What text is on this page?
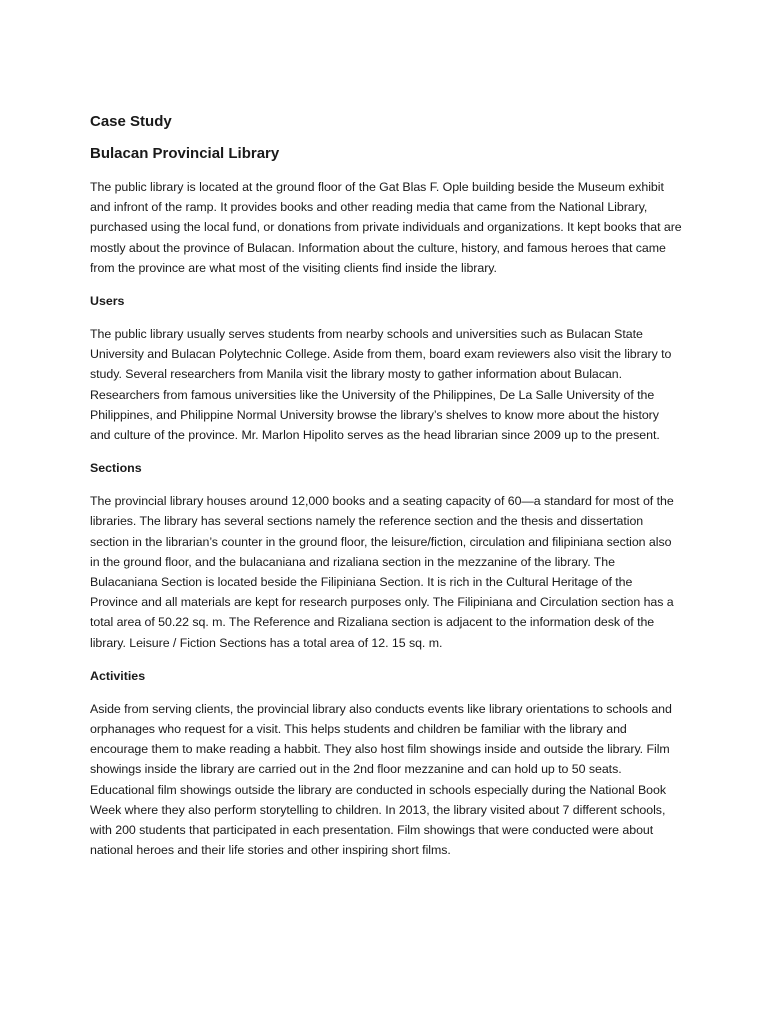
Case Study
Bulacan Provincial Library

The public library is located at the ground floor of the Gat Blas F. Ople building beside the Museum exhibit and infront of the ramp. It provides books and other reading media that came from the National Library, purchased using the local fund, or donations from private individuals and organizations. It kept books that are mostly about the province of Bulacan. Information about the culture, history, and famous heroes that came from the province are what most of the visiting clients find inside the library.

Users

The public library usually serves students from nearby schools and universities such as Bulacan State University and Bulacan Polytechnic College. Aside from them, board exam reviewers also visit the library to study. Several researchers from Manila visit the library mosty to gather information about Bulacan. Researchers from famous universities like the University of the Philippines, De La Salle University of the Philippines, and Philippine Normal University browse the library’s shelves to know more about the history and culture of the province. Mr. Marlon Hipolito serves as the head librarian since 2009 up to the present.

Sections

The provincial library houses around 12,000 books and a seating capacity of 60—a standard for most of the libraries. The library has several sections namely the reference section and the thesis and dissertation section in the librarian’s counter in the ground floor, the leisure/fiction, circulation and filipiniana section also in the ground floor, and the bulacaniana and rizaliana section in the mezzanine of the library. The Bulacaniana Section is located beside the Filipiniana Section. It is rich in the Cultural Heritage of the Province and all materials are kept for research purposes only. The Filipiniana and Circulation section has a total area of 50.22 sq. m. The Reference and Rizaliana section is adjacent to the information desk of the library. Leisure / Fiction Sections has a total area of 12. 15 sq. m.

Activities

Aside from serving clients, the provincial library also conducts events like library orientations to schools and orphanages who request for a visit. This helps students and children be familiar with the library and encourage them to make reading a habbit. They also host film showings inside and outside the library. Film showings inside the library are carried out in the 2nd floor mezzanine and can hold up to 50 seats. Educational film showings outside the library are conducted in schools especially during the National Book Week where they also perform storytelling to children. In 2013, the library visited about 7 different schools, with 200 students that participated in each presentation. Film showings that were conducted were about national heroes and their life stories and other inspiring short films.
